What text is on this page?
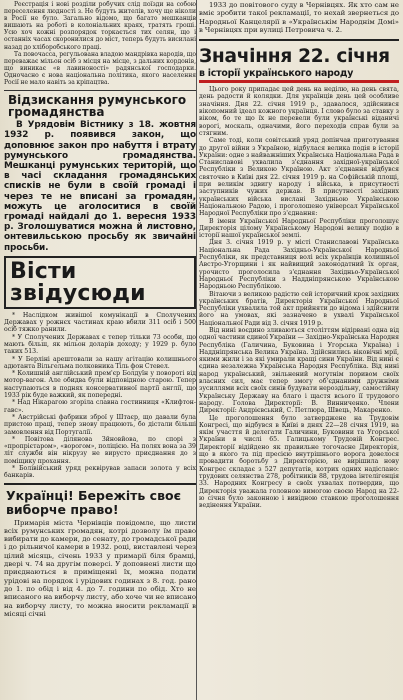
Реєстрація і нові розділи робучих слід поїзди на собою переселення людності з. Не будуть жителів, хочу ще ніколи в Росії не було. Загально відомо, що багато мешканців вишають на роботі в колоніальних краях, тратять гроші. Усю хоч кожні розпорядок торкається тих селян, що і останніх часах скоронилися до міст, теперь будуть висилані назад до хліборобського праці.

Та повочасса, регульована владою мандрівка народів, що переважає мільон осіб з місця на місце, з дальних кордонів, що виникає «в лавиноності» радянської господарки. Одночасно є нова національна політика, якого населення Росії не мало навіть за кріпацтва.

Відзискання румунського громадянства

В Урядовім Вістнику з 18. жовтня 1932 р. появився закон, що доповнює закон про набуття і втрату румунського громадянства. Мешканці румунських територій, що в часі складання громадянських списків не були в своїй громаді і через те не вписані за громадян, можуть це аголоситися в своїй громаді найдалі до 1. вересня 1933 р. Зголошуватися можна й листовно, онтевильською просьбу як звичайні просьби.

Вісти звідусюди

* Наслідком живішої комунікації в Сполучених Державах у рожнєх частинах краю вбили 311 осіб і 500 осіб тяжко ранили.

* У Сполучених Державах є тепер тільки 73 особи, що мають більш, як мільон доларів доходу; у 1929 р. було таких 513.

* У Берліні арештовали за нашу агітацію колишнього адютанта Вільгельма полковника Тіль фон Стевел.

* Колишній англійський прем'єр Болдуїн у повороті від мотор-вагон. Але обидва були відповідною старою. Тепер наступаються в поднях консервативної партії англії, що 1933 рік буде важкий, як попередні.

* Над Нікарагою згоріла славна гостинниця «Клифтон-гавс».

* Австрійські фабрики зброї у Штаєр, що давали була пристою праці, тепер знову працюють, бо дістали більші замовлення від Португалії.

* Повітова ділянова Зйновйова, по спорі з «пропрієтаром», «ворогом», поліцією. На полях вона за 39 літ служби він нікрузу не вирусто приєднання до з поміщику прохання.

* Болівійський уряд реквірував запаси золота у всіх банкарів.

Українці! Бережіть своє виборче право!

Примарія міста Чернівців повідомле, що листи всіх румунських громадян, котрі дозволу їм право вибирати до камери, до сенату, до громадської ради і до рільничої камери в 1932. році, виставлені через цілий місяць, січень 1933 у примарії біля брамці, двері ч. 74 на другім поверсі. У доповнені листи що приєднаються в приміщенні їх, можна подати урідові на порядок і урідових годинах з 8. год. рано до 1. по обід і від 4. до 7. години по обід. Хто не вписаного на виборчу листу, або хоче чи не вписано на виборчу листу, то можна вносити рекламації в місяці січні

1933 до повітового суду в Чернівцях. Як хто сам не вміє зробити такої рекламації, то нехай звернеться до Народньої Канцелярії в «Українськім Народнім Домі» в Чернівцях при вулиці Петровича ч. 2.

Значіння 22. січня
в історії українського народу

Цього року припадає цей день на неділю, на день свята, день радости й колядки. Для українців день цей особливе значіння. Дня 22. січня 1919 р., здавалося, здійснився вікопомний ідеал кожного українця. І слово було за ставку з віком, бо те що їх не перевели були українські віданичі ворогі, москаль, одначими, його переходів справ були за стягним.

Саме тоді, коли совітський уряд допінчав приготування до другої війни з Україною, відбулася велика подія в історії України: одне з найважніших Українська Національна Рада в Станиславові ухвалила з'єднання західної-української Республіки з Великою Україною. Акт з'єднання відбувся святочно в Київі дня 22. січня 1919 р. на Софійській площі, при великім здвигу народу і війська, в присутності заступників чужих держав. В присутності західних українських війська вислані Західньою Українською Національною Радою, і проголошено універсал Української Народної Республіки про з'єднання:

В імени Української Народньої Республіки проголошує Директорія цілому Українському Народові велику подію в історії нашої української землі.

Дня 3. січня 1919 р. у місті Станиславові Українська Національна Рада Західньо-Української Народньої Республіки, як представниця волі всіх українців колишньої Австро-Угорщини і як найвищий законодатний їх орган, урочисто проголосила з'єднання Західньо-Української Народньої Республіки з Наддніпрянською Українською Народньою Республікою.

Вітаючи з великою радістю сей історичний крок західних українських братів, Директорія Української Народньої Республіки ухвалила той акт прийняти до відома і здійснити його на умовах, які зазначено в ухвалі Української Національної Ради від 3. січня 1919 р.

Від нині воєдино зливаються століттям відірвані одна від одної частини єдиної України — Західно-Українська Народня Республіка (Галичина, Буковина і Угорська Україна) і Наддніпрянська Велика Україна. Здійснились віковічні мрії, якими жили і за які умирали кращі сини України. Від нині є єдина незалежна Українська Народня Республіка. Від нині народ український, звільнений могутнім поривом своїх власних сил, має тепер змогу обʼєднаними дружніми зусиллями всіх своїх синів будувати нероздільну, самостійну Українську Державу на благо і щастя всього її трудового народу. Голова Директорії: В. Винниченко. Члени Директорії: Андрієвський, С. Петлюра, Швець, Макаренко.

Це проголошення було затверджене на Трудовім Конгресі, що відбувся в Київі в днях 22—28 січня 1919, на якім учасття й делегати Галичини, Буковини та Угорської України в числі 65. Галицькому Трудовій Конгрес. Директорії відійдено як правильне тогочасне Директорія, що в якого та під пресією внутрішнього ворога довелося провадити боротьбу з Директорією, не вирішила нову Конгрес складає з 527 депутатів, котрих одних надіслано: трудових селянства 278, робітників 88, трудова інтелігенція 33. Народних Конгресу в своїх ухвалах потвердив, що Директорія уважала головною вимогою своєю Народ на 22-ю січня було законною і вивідною ставкою проголошення ведінення України.
